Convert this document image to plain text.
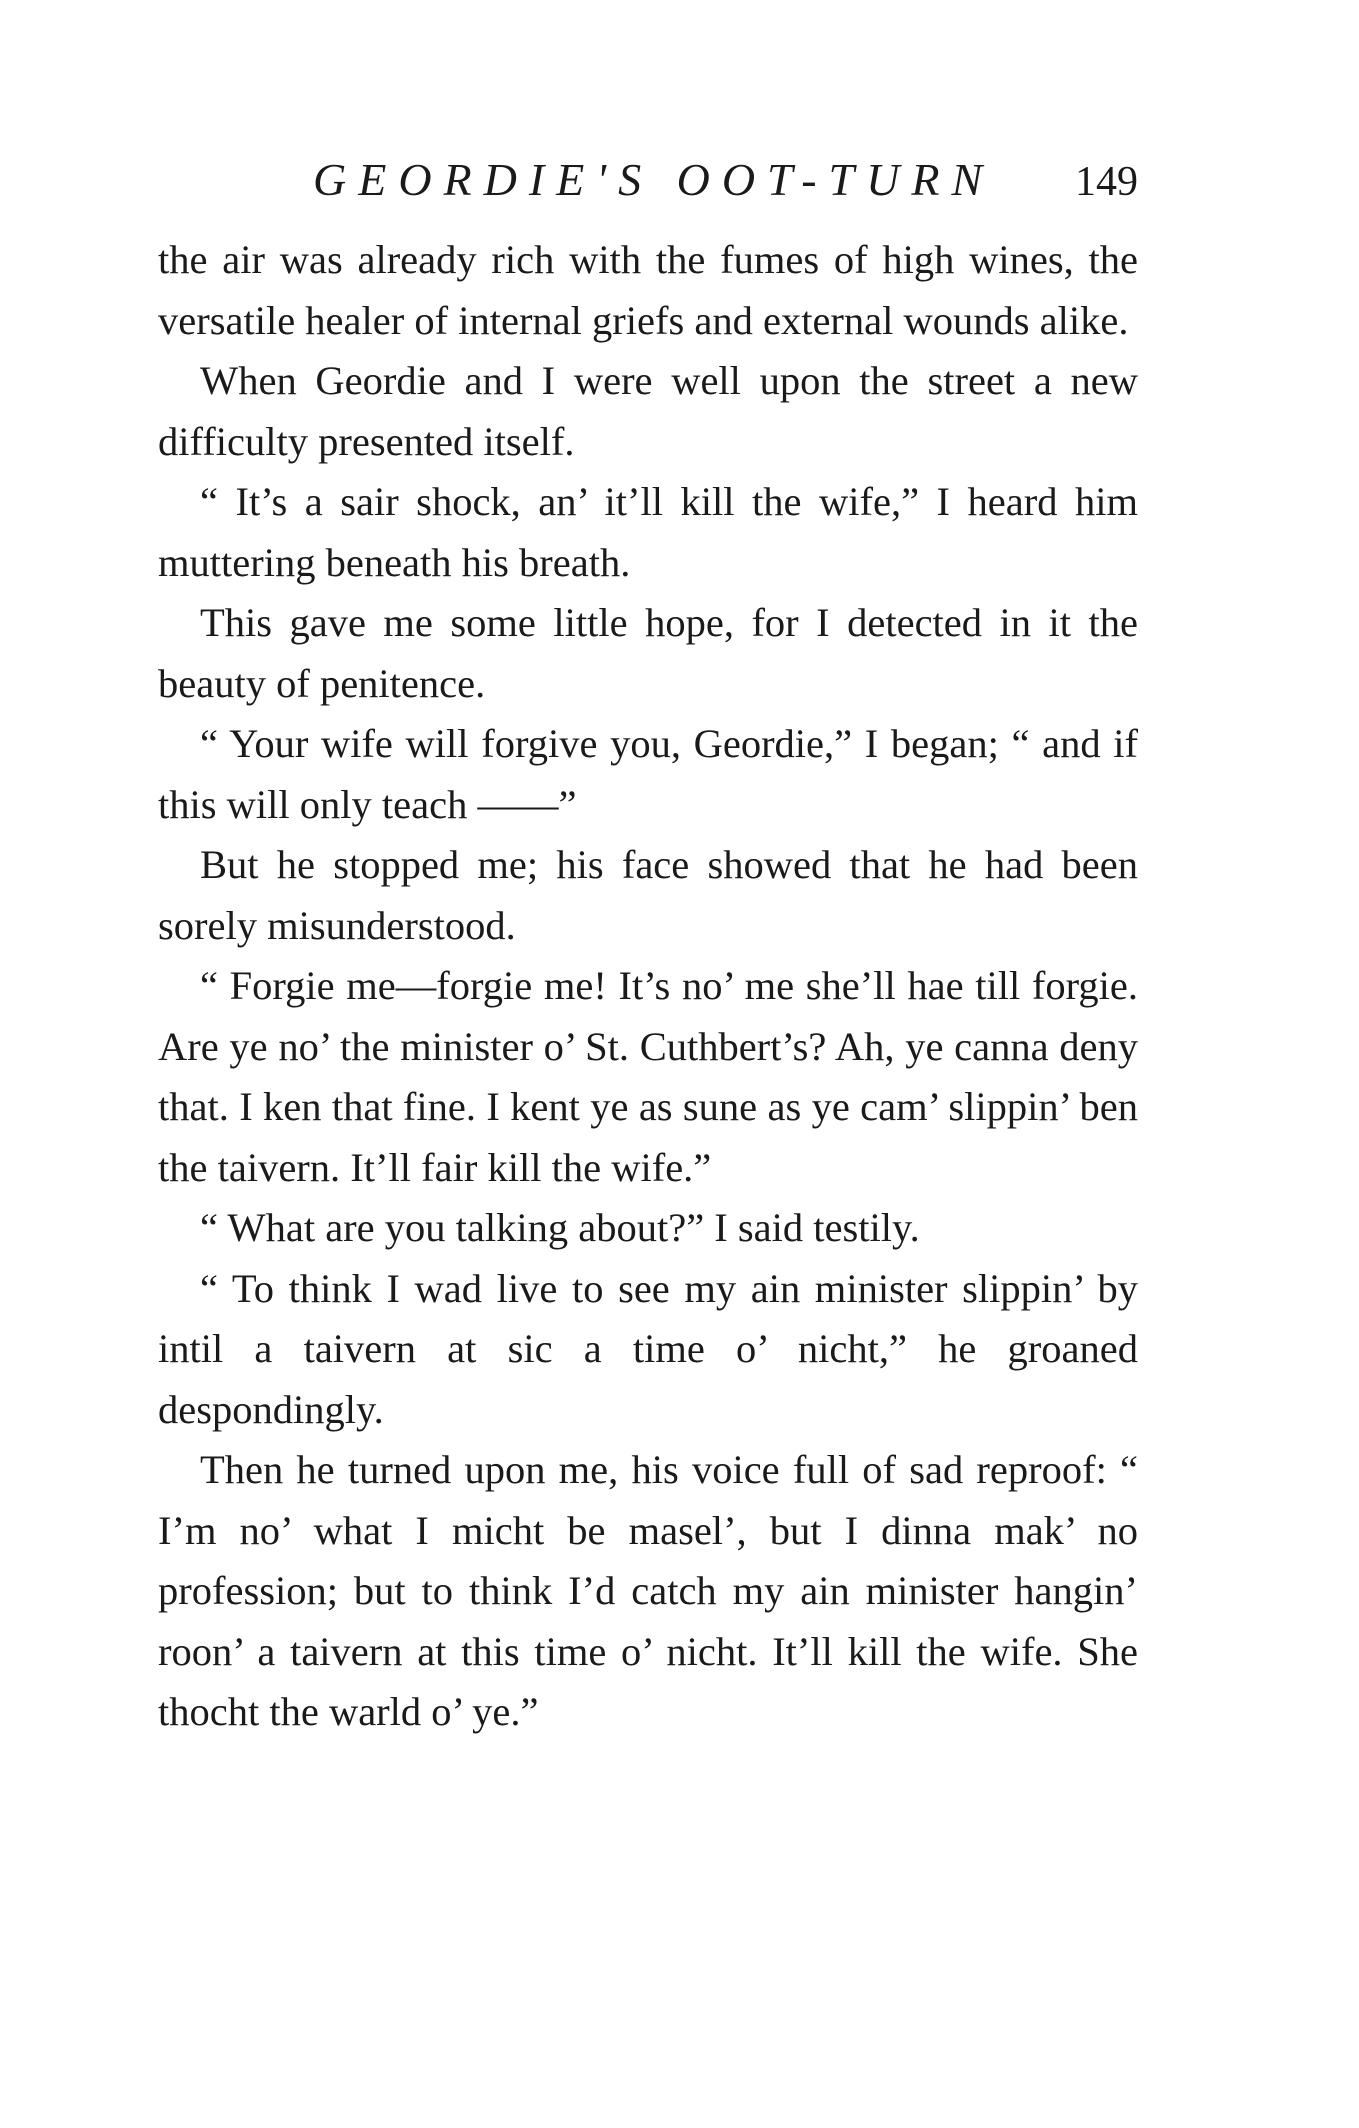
GEORDIE'S OOT-TURN 149

the air was already rich with the fumes of high wines, the versatile healer of internal griefs and external wounds alike.

When Geordie and I were well upon the street a new difficulty presented itself.

“ It’s a sair shock, an’ it’ll kill the wife,” I heard him muttering beneath his breath.

This gave me some little hope, for I detected in it the beauty of penitence.

“ Your wife will forgive you, Geordie,” I began; “ and if this will only teach ——”

But he stopped me; his face showed that he had been sorely misunderstood.

“ Forgie me—forgie me! It’s no’ me she’ll hae till forgie. Are ye no’ the minister o’ St. Cuthbert’s? Ah, ye canna deny that. I ken that fine. I kent ye as sune as ye cam’ slippin’ ben the taivern. It’ll fair kill the wife.”

“ What are you talking about?” I said testily.

“ To think I wad live to see my ain minister slippin’ by intil a taivern at sic a time o’ nicht,” he groaned despondingly.

Then he turned upon me, his voice full of sad reproof: “ I’m no’ what I micht be masel’, but I dinna mak’ no profession; but to think I’d catch my ain minister hangin’ roon’ a taivern at this time o’ nicht. It’ll kill the wife. She thocht the warld o’ ye.”
